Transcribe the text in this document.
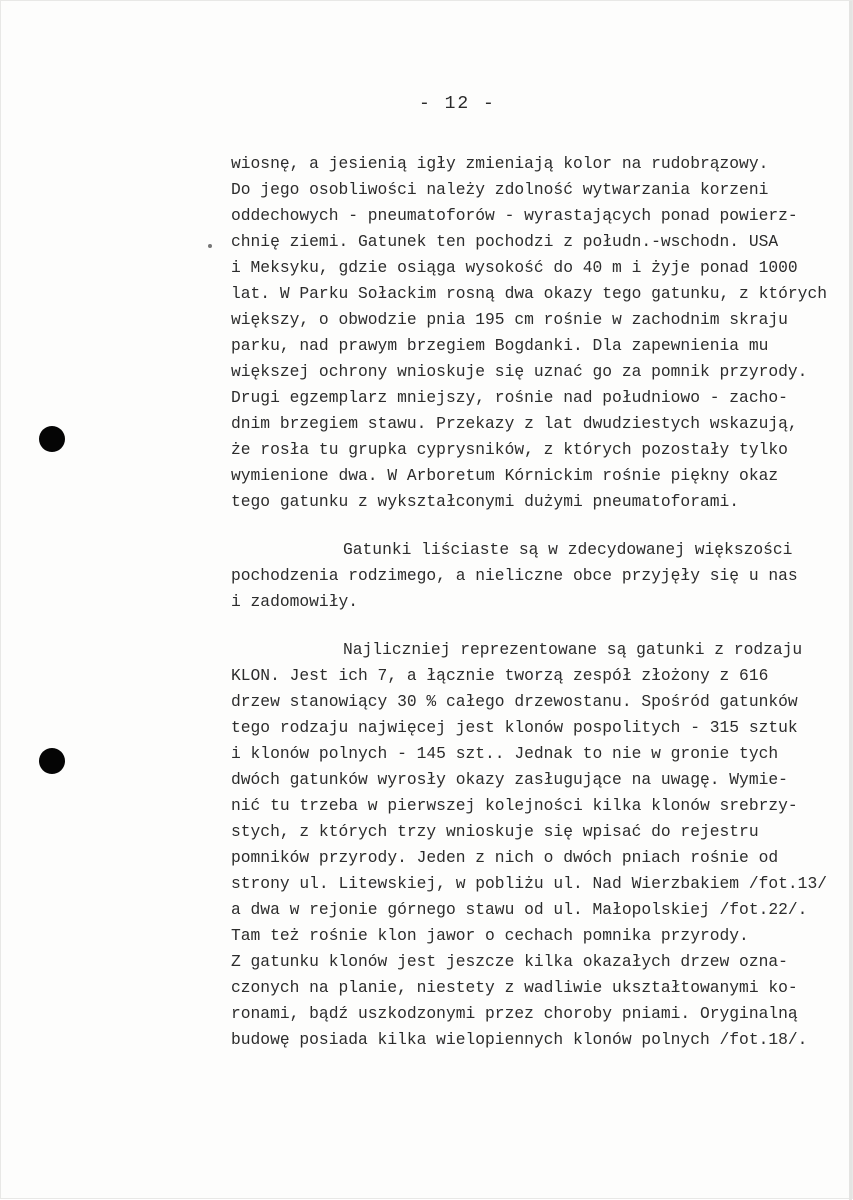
- 12 -
wiosnę, a jesienią igły zmieniają kolor na rudobrązowy.
Do jego osobliwości należy zdolność wytwarzania korzeni
oddechowych - pneumatoforów - wyrastających ponad powierz-
chnię ziemi. Gatunek ten pochodzi z połudn.-wschodn. USA
i Meksyku, gdzie osiąga wysokość do 40 m i żyje ponad 1000
lat. W Parku Sołackim rosną dwa okazy tego gatunku, z których
większy, o obwodzie pnia 195 cm rośnie w zachodnim skraju
parku, nad prawym brzegiem Bogdanki. Dla zapewnienia mu
większej ochrony wnioskuje się uznać go za pomnik przyrody.
Drugi egzemplarz mniejszy, rośnie nad południowo - zacho-
dnim brzegiem stawu. Przekazy z lat dwudziestych wskazują,
że rosła tu grupka cyprysników, z których pozostały tylko
wymienione dwa. W Arboretum Kórnickim rośnie piękny okaz
tego gatunku z wykształconymi dużymi pneumatoforami.
Gatunki liściaste są w zdecydowanej większości
pochodzenia rodzimego, a nieliczne obce przyjęły się u nas
i zadomowiły.
Najliczniej reprezentowane są gatunki z rodzaju
KLON. Jest ich 7, a łącznie tworzą zespół złożony z 616
drzew stanowiący 30 % całego drzewostanu. Spośród gatunków
tego rodzaju najwięcej jest klonów pospolitych - 315 sztuk
i klonów polnych - 145 szt.. Jednak to nie w gronie tych
dwóch gatunków wyrosły okazy zasługujące na uwagę. Wymie-
nić tu trzeba w pierwszej kolejności kilka klonów srebrzy-
stych, z których trzy wnioskuje się wpisać do rejestru
pomników przyrody. Jeden z nich o dwóch pniach rośnie od
strony ul. Litewskiej, w pobliżu ul. Nad Wierzbakiem /fot.13/
a dwa w rejonie górnego stawu od ul. Małopolskiej /fot.22/.
Tam też rośnie klon jawor o cechach pomnika przyrody.
Z gatunku klonów jest jeszcze kilka okazałych drzew ozna-
czonych na planie, niestety z wadliwie ukształtowanymi ko-
ronami, bądź uszkodzonymi przez choroby pniami. Oryginalną
budowę posiada kilka wielopiennych klonów polnych /fot.18/.
